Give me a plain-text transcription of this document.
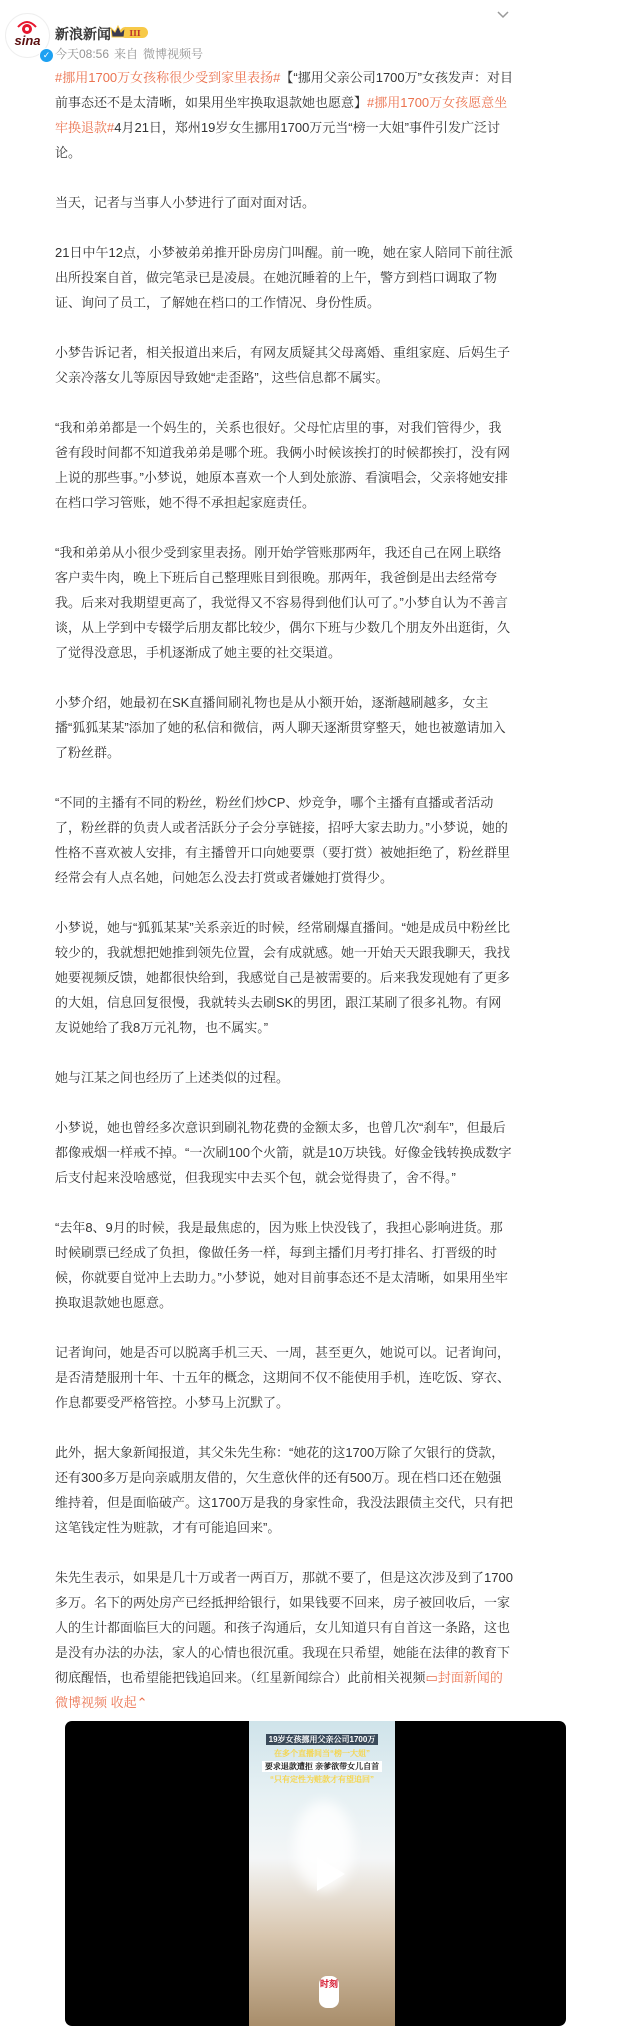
sina
✓
新浪新闻 III
今天08:56 来自 微博视频号

#挪用1700万女孩称很少受到家里表扬#【“挪用父亲公司1700万”女孩发声：对目前事态还不是太清晰，如果用坐牢换取退款她也愿意】#挪用1700万女孩愿意坐牢换退款#4月21日，郑州19岁女生挪用1700万元当“榜一大姐”事件引发广泛讨论。

当天，记者与当事人小梦进行了面对面对话。

21日中午12点，小梦被弟弟推开卧房房门叫醒。前一晚，她在家人陪同下前往派出所投案自首，做完笔录已是凌晨。在她沉睡着的上午，警方到档口调取了物证、询问了员工，了解她在档口的工作情况、身份性质。

小梦告诉记者，相关报道出来后，有网友质疑其父母离婚、重组家庭、后妈生子父亲冷落女儿等原因导致她“走歪路”，这些信息都不属实。

“我和弟弟都是一个妈生的，关系也很好。父母忙店里的事，对我们管得少，我爸有段时间都不知道我弟弟是哪个班。我俩小时候该挨打的时候都挨打，没有网上说的那些事。”小梦说，她原本喜欢一个人到处旅游、看演唱会，父亲将她安排在档口学习管账，她不得不承担起家庭责任。

“我和弟弟从小很少受到家里表扬。刚开始学管账那两年，我还自己在网上联络客户卖牛肉，晚上下班后自己整理账目到很晚。那两年，我爸倒是出去经常夸我。后来对我期望更高了，我觉得又不容易得到他们认可了。”小梦自认为不善言谈，从上学到中专辍学后朋友都比较少，偶尔下班与少数几个朋友外出逛街，久了觉得没意思，手机逐渐成了她主要的社交渠道。

小梦介绍，她最初在SK直播间刷礼物也是从小额开始，逐渐越刷越多，女主播“狐狐某某”添加了她的私信和微信，两人聊天逐渐贯穿整天，她也被邀请加入了粉丝群。

“不同的主播有不同的粉丝，粉丝们炒CP、炒竞争，哪个主播有直播或者活动了，粉丝群的负责人或者活跃分子会分享链接，招呼大家去助力。”小梦说，她的性格不喜欢被人安排，有主播曾开口向她要票（要打赏）被她拒绝了，粉丝群里经常会有人点名她，问她怎么没去打赏或者嫌她打赏得少。

小梦说，她与“狐狐某某”关系亲近的时候，经常刷爆直播间。“她是成员中粉丝比较少的，我就想把她推到领先位置，会有成就感。她一开始天天跟我聊天，我找她要视频反馈，她都很快给到，我感觉自己是被需要的。后来我发现她有了更多的大姐，信息回复很慢，我就转头去刷SK的男团，跟江某刷了很多礼物。有网友说她给了我8万元礼物，也不属实。”

她与江某之间也经历了上述类似的过程。

小梦说，她也曾经多次意识到刷礼物花费的金额太多，也曾几次“刹车”，但最后都像戒烟一样戒不掉。“一次刷100个火箭，就是10万块钱。好像金钱转换成数字后支付起来没啥感觉，但我现实中去买个包，就会觉得贵了，舍不得。”

“去年8、9月的时候，我是最焦虑的，因为账上快没钱了，我担心影响进货。那时候刷票已经成了负担，像做任务一样，每到主播们月考打排名、打晋级的时候，你就要自觉冲上去助力。”小梦说，她对目前事态还不是太清晰，如果用坐牢换取退款她也愿意。

记者询问，她是否可以脱离手机三天、一周，甚至更久，她说可以。记者询问，是否清楚服刑十年、十五年的概念，这期间不仅不能使用手机，连吃饭、穿衣、作息都要受严格管控。小梦马上沉默了。

此外，据大象新闻报道，其父朱先生称：“她花的这1700万除了欠银行的贷款，还有300多万是向亲戚朋友借的，欠生意伙伴的还有500万。现在档口还在勉强维持着，但是面临破产。这1700万是我的身家性命，我没法跟债主交代，只有把这笔钱定性为赃款，才有可能追回来”。

朱先生表示，如果是几十万或者一两百万，那就不要了，但是这次涉及到了1700多万。名下的两处房产已经抵押给银行，如果钱要不回来，房子被回收后，一家人的生计都面临巨大的问题。和孩子沟通后，女儿知道只有自首这一条路，这也是没有办法的办法，家人的心情也很沉重。我现在只希望，她能在法律的教育下彻底醒悟，也希望能把钱追回来。（红星新闻综合）此前相关视频▭封面新闻的微博视频 收起⌃

19岁女孩挪用父亲公司1700万
在多个直播间当“榜一大姐”
要求退款遭拒 亲爹欲带女儿自首
“只有定性为赃款才有望追回”
时刻
